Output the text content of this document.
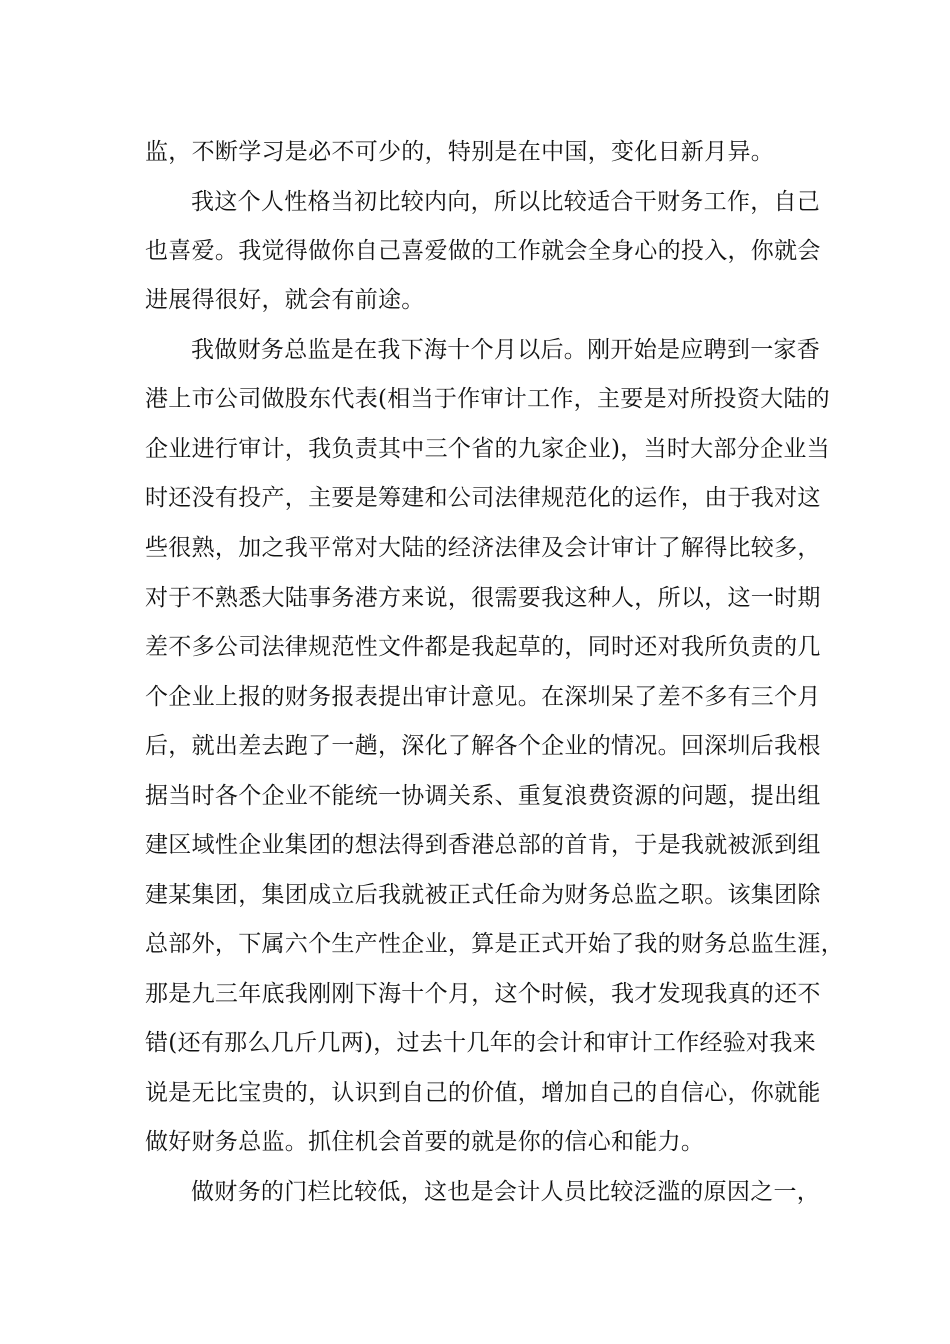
监，不断学习是必不可少的，特别是在中国，变化日新月异。
我这个人性格当初比较内向，所以比较适合干财务工作，自己
也喜爱。我觉得做你自己喜爱做的工作就会全身心的投入，你就会
进展得很好，就会有前途。
我做财务总监是在我下海十个月以后。刚开始是应聘到一家香
港上市公司做股东代表(相当于作审计工作，主要是对所投资大陆的
企业进行审计，我负责其中三个省的九家企业)，当时大部分企业当
时还没有投产，主要是筹建和公司法律规范化的运作，由于我对这
些很熟，加之我平常对大陆的经济法律及会计审计了解得比较多，
对于不熟悉大陆事务港方来说，很需要我这种人，所以，这一时期
差不多公司法律规范性文件都是我起草的，同时还对我所负责的几
个企业上报的财务报表提出审计意见。在深圳呆了差不多有三个月
后，就出差去跑了一趟，深化了解各个企业的情况。回深圳后我根
据当时各个企业不能统一协调关系、重复浪费资源的问题，提出组
建区域性企业集团的想法得到香港总部的首肯，于是我就被派到组
建某集团，集团成立后我就被正式任命为财务总监之职。该集团除
总部外，下属六个生产性企业，算是正式开始了我的财务总监生涯，
那是九三年底我刚刚下海十个月，这个时候，我才发现我真的还不
错(还有那么几斤几两)，过去十几年的会计和审计工作经验对我来
说是无比宝贵的，认识到自己的价值，增加自己的自信心，你就能
做好财务总监。抓住机会首要的就是你的信心和能力。
做财务的门栏比较低，这也是会计人员比较泛滥的原因之一，
